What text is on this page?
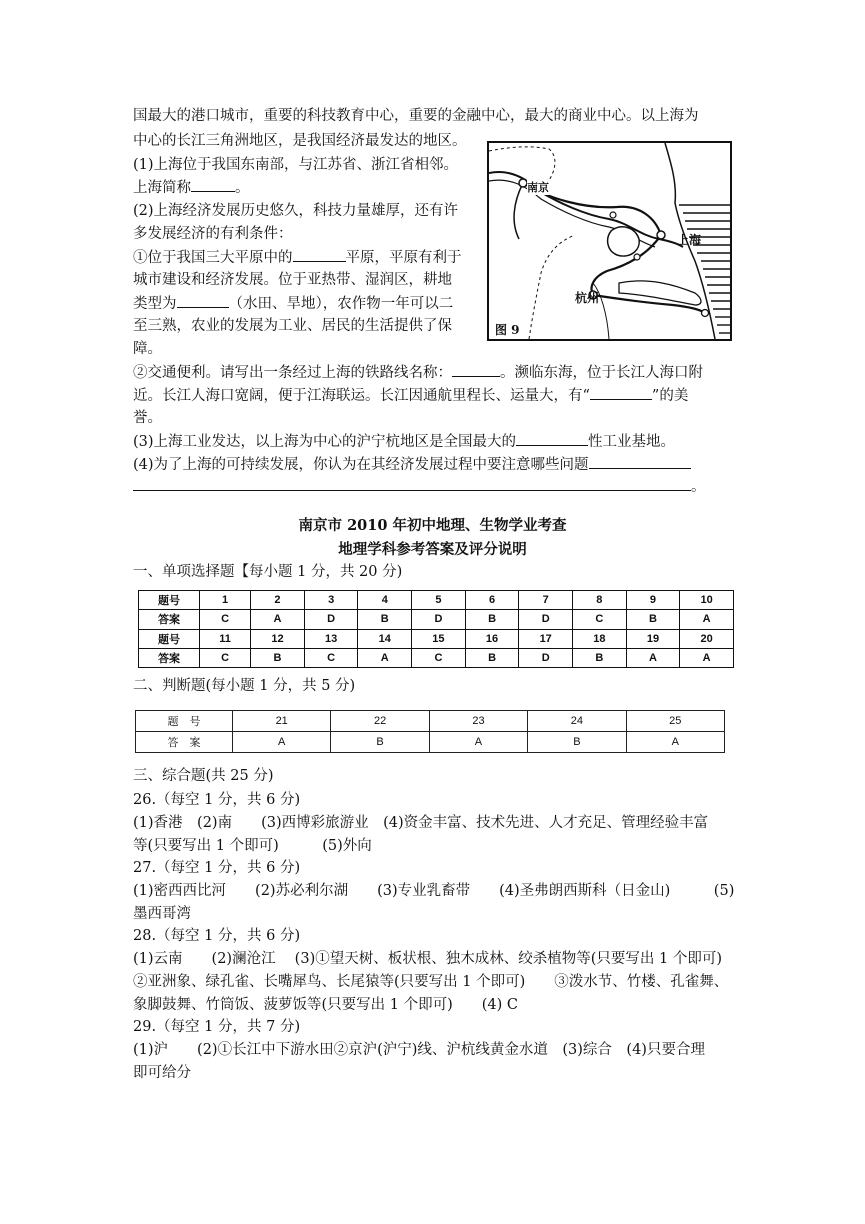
国最大的港口城市，重要的科技教育中心，重要的金融中心，最大的商业中心。以上海为
中心的长江三角洲地区，是我国经济最发达的地区。
(1)上海位于我国东南部，与江苏省、浙江省相邻。
上海简称	。
(2)上海经济发展历史悠久，科技力量雄厚，还有许
多发展经济的有利条件：
①位于我国三大平原中的	平原，平原有利于
城市建设和经济发展。位于亚热带、湿润区，耕地
类型为	（水田、旱地），农作物一年可以二
至三熟，农业的发展为工业、居民的生活提供了保
障。
②交通便利。请写出一条经过上海的铁路线名称：	。濒临东海，位于长江人海口附
近。长江人海口宽阔，便于江海联运。长江因通航里程长、运量大，有“	”的美
誉。
(3)上海工业发达，以上海为中心的沪宁杭地区是全国最大的	性工业基地。
(4)为了上海的可持续发展，你认为在其经济发展过程中要注意哪些问题
。
南京
上海
杭州
图 9
南京市 2010 年初中地理、生物学业考查
地理学科参考答案及评分说明
一、单项选择题【每小题 1 分，共 20 分)
题号	1	2	3	4	5	6	7	8	9	10
答案	C	A	D	B	D	B	D	C	B	A
题号	11	12	13	14	15	16	17	18	19	20
答案	C	B	C	A	C	B	D	B	A	A
二、判断题(每小题 1 分，共 5 分)
题　号	21	22	23	24	25
答　案	A	B	A	B	A
三、综合题(共 25 分)
26.（每空 1 分，共 6 分)
(1)香港　(2)南　　(3)西博彩旅游业　(4)资金丰富、技术先进、人才充足、管理经验丰富
等(只要写出 1 个即可)　　　(5)外向
27.（每空 1 分，共 6 分)
(1)密西西比河　　(2)苏必利尔湖　　(3)专业乳畜带　　(4)圣弗朗西斯科（日金山)　　　(5)
墨西哥湾
28.（每空 1 分，共 6 分)
(1)云南　　(2)澜沧江　 (3)①望天树、板状根、独木成林、绞杀植物等(只要写出 1 个即可)
②亚洲象、绿孔雀、长嘴犀鸟、长尾猿等(只要写出 1 个即可)　　③泼水节、竹楼、孔雀舞、
象脚鼓舞、竹筒饭、菠萝饭等(只要写出 1 个即可)　　(4) C
29.（每空 1 分，共 7 分)
(1)沪　　(2)①长江中下游水田②京沪(沪宁)线、沪杭线黄金水道　(3)综合　(4)只要合理
即可给分
